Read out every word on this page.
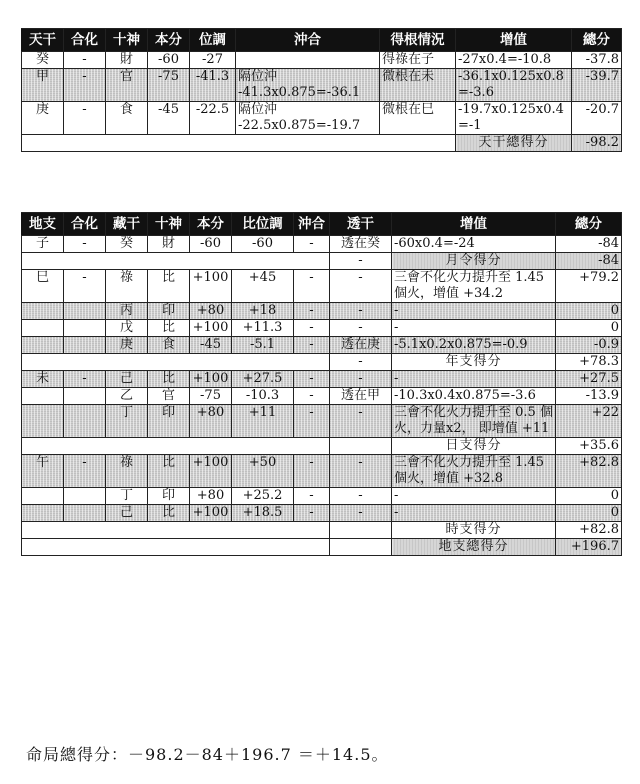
天干	合化	十神	本分	位調	沖合	得根情況	增值	總分
癸	-	財	-60	-27		得祿在子	-27x0.4=-10.8	-37.8
甲	-	官	-75	-41.3	隔位沖 -41.3x0.875=-36.1	微根在未	-36.1x0.125x0.8 =-3.6	-39.7
庚	-	食	-45	-22.5	隔位沖 -22.5x0.875=-19.7	微根在巳	-19.7x0.125x0.4 =-1	-20.7
							天干總得分	-98.2
地支	合化	藏干	十神	本分	比位調	沖合	透干	增值	總分
子	-	癸	財	-60	-60	-	透在癸	-60x0.4=-24	-84
							-	月令得分	-84
巳	-	祿	比	+100	+45	-	-	三會不化火力提升至 1.45 個火，增值 +34.2	+79.2
		丙	印	+80	+18	-	-	-	0
		戊	比	+100	+11.3	-	-	-	0
		庚	食	-45	-5.1	-	透在庚	-5.1x0.2x0.875=-0.9	-0.9
							-	年支得分	+78.3
未	-	己	比	+100	+27.5	-	-	-	+27.5
		乙	官	-75	-10.3	-	透在甲	-10.3x0.4x0.875=-3.6	-13.9
		丁	印	+80	+11	-	-	三會不化火力提升至 0.5 個火，力量x2， 即增值 +11	+22
								日支得分	+35.6
午	-	祿	比	+100	+50	-	-	三會不化火力提升至 1.45 個火，增值 +32.8	+82.8
		丁	印	+80	+25.2	-	-	-	0
		己	比	+100	+18.5	-	-	-	0
								時支得分	+82.8
								地支總得分	+196.7
命局總得分：－98.2－84＋196.7 ＝＋14.5。
